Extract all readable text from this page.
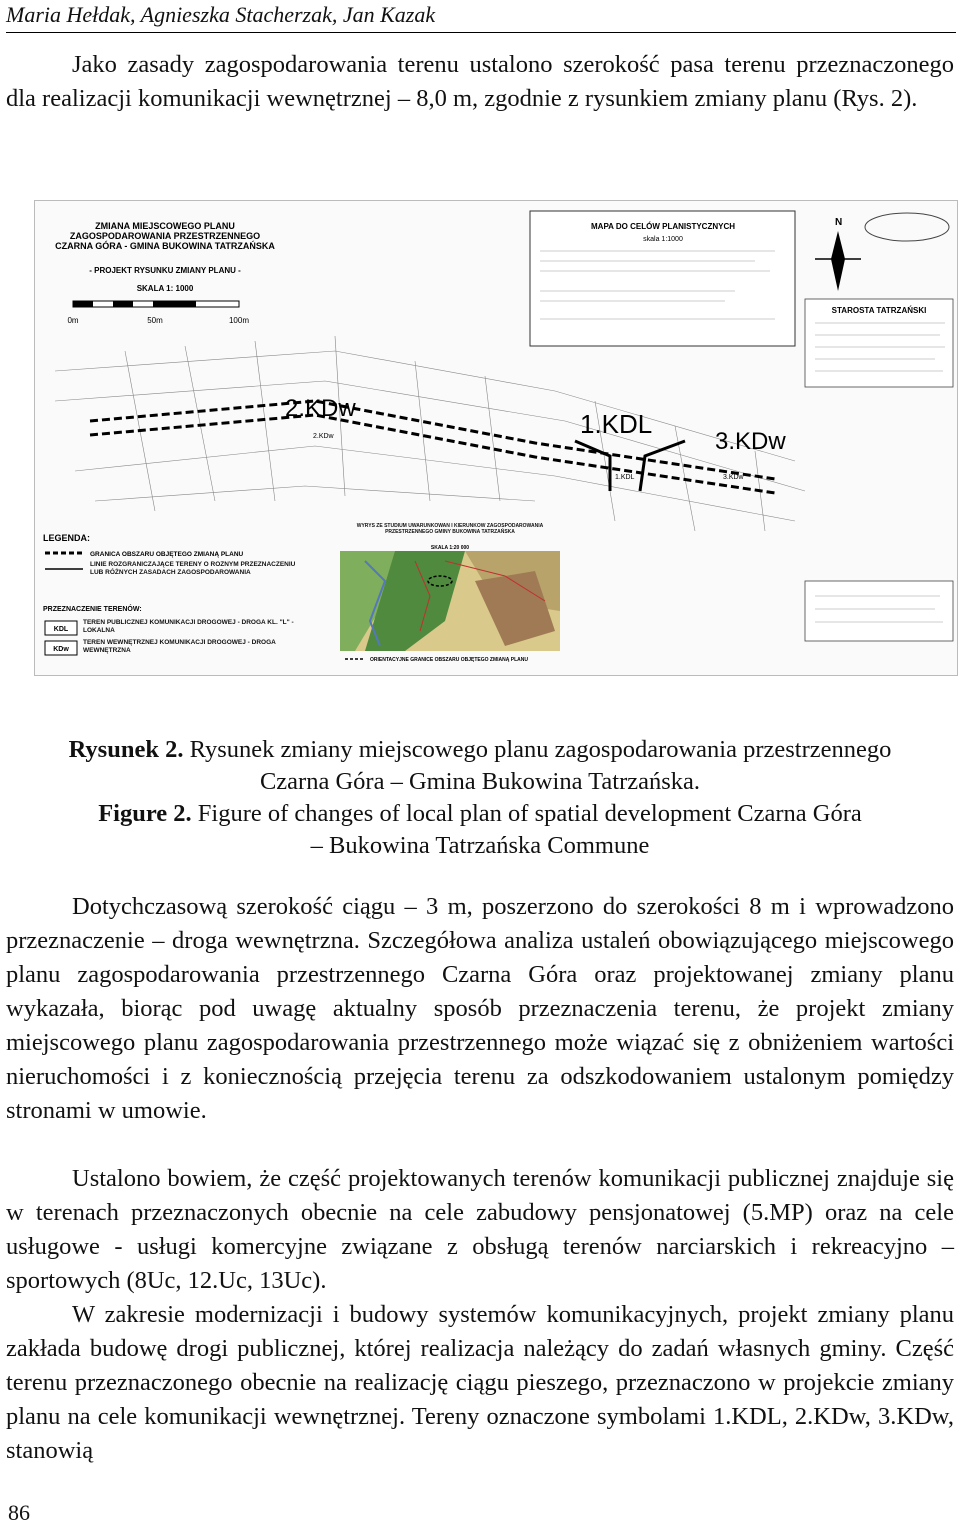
Maria Hełdak, Agnieszka Stacherzak, Jan Kazak

Jako zasady zagospodarowania terenu ustalono szerokość pasa terenu przeznaczonego dla realizacji komunikacji wewnętrznej – 8,0 m, zgodnie z rysunkiem zmiany planu (Rys. 2).

ZMIANA MIEJSCOWEGO PLANU
ZAGOSPODAROWANIA PRZESTRZENNEGO
CZARNA GÓRA - GMINA BUKOWINA TATRZAŃSKA
- PROJEKT RYSUNKU ZMIANY PLANU -
SKALA 1: 1000
0m	50m	100m
MAPA DO CELÓW PLANISTYCZNYCH
skala 1:1000
N
STAROSTA TATRZAŃSKI
2.KDw
1.KDL
3.KDw
2.KDw
3.KDw
1.KDL
LEGENDA:
GRANICA OBSZARU OBJĘTEGO ZMIANĄ PLANU
LINIE ROZGRANICZAJĄCE TERENY O RÓŻNYM PRZEZNACZENIU LUB RÓŻNYCH ZASADACH ZAGOSPODAROWANIA
PRZEZNACZENIE TERENÓW:
KDL
TEREN PUBLICZNEJ KOMUNIKACJI DROGOWEJ - DROGA KL. "L" - LOKALNA
KDw
TEREN WEWNĘTRZNEJ KOMUNIKACJI DROGOWEJ - DROGA WEWNĘTRZNA
WYRYS ZE STUDIUM UWARUNKOWAŃ I KIERUNKÓW ZAGOSPODAROWANIA PRZESTRZENNEGO GMINY BUKOWINA TATRZAŃSKA
SKALA 1:20 000
ORIENTACYJNE GRANICE OBSZARU OBJĘTEGO ZMIANĄ PLANU

Rysunek 2. Rysunek zmiany miejscowego planu zagospodarowania przestrzennego

Czarna Góra – Gmina Bukowina Tatrzańska.

Figure 2. Figure of changes of local plan of spatial development Czarna Góra

– Bukowina Tatrzańska Commune

Dotychczasową szerokość ciągu – 3 m, poszerzono do szerokości 8 m i wprowadzono przeznaczenie – droga wewnętrzna. Szczegółowa analiza ustaleń obowiązującego miejscowego planu zagospodarowania przestrzennego Czarna Góra oraz projektowanej zmiany planu wykazała, biorąc pod uwagę aktualny sposób przeznaczenia terenu, że projekt zmiany miejscowego planu zagospodarowania przestrzennego może wiązać się z obniżeniem wartości nieruchomości i z koniecznością przejęcia terenu za odszkodowaniem ustalonym pomiędzy stronami w umowie.

Ustalono bowiem, że część projektowanych terenów komunikacji publicznej znajduje się w terenach przeznaczonych obecnie na cele zabudowy pensjonatowej (5.MP) oraz na cele usługowe - usługi komercyjne związane z obsługą terenów narciarskich i rekreacyjno – sportowych (8Uc, 12.Uc, 13Uc).

W zakresie modernizacji i budowy systemów komunikacyjnych, projekt zmiany planu zakłada budowę drogi publicznej, której realizacja należący do zadań własnych gminy. Część terenu przeznaczonego obecnie na realizację ciągu pieszego, przeznaczono w projekcie zmiany planu na cele komunikacji wewnętrznej. Tereny oznaczone symbolami 1.KDL, 2.KDw, 3.KDw, stanowią

86
